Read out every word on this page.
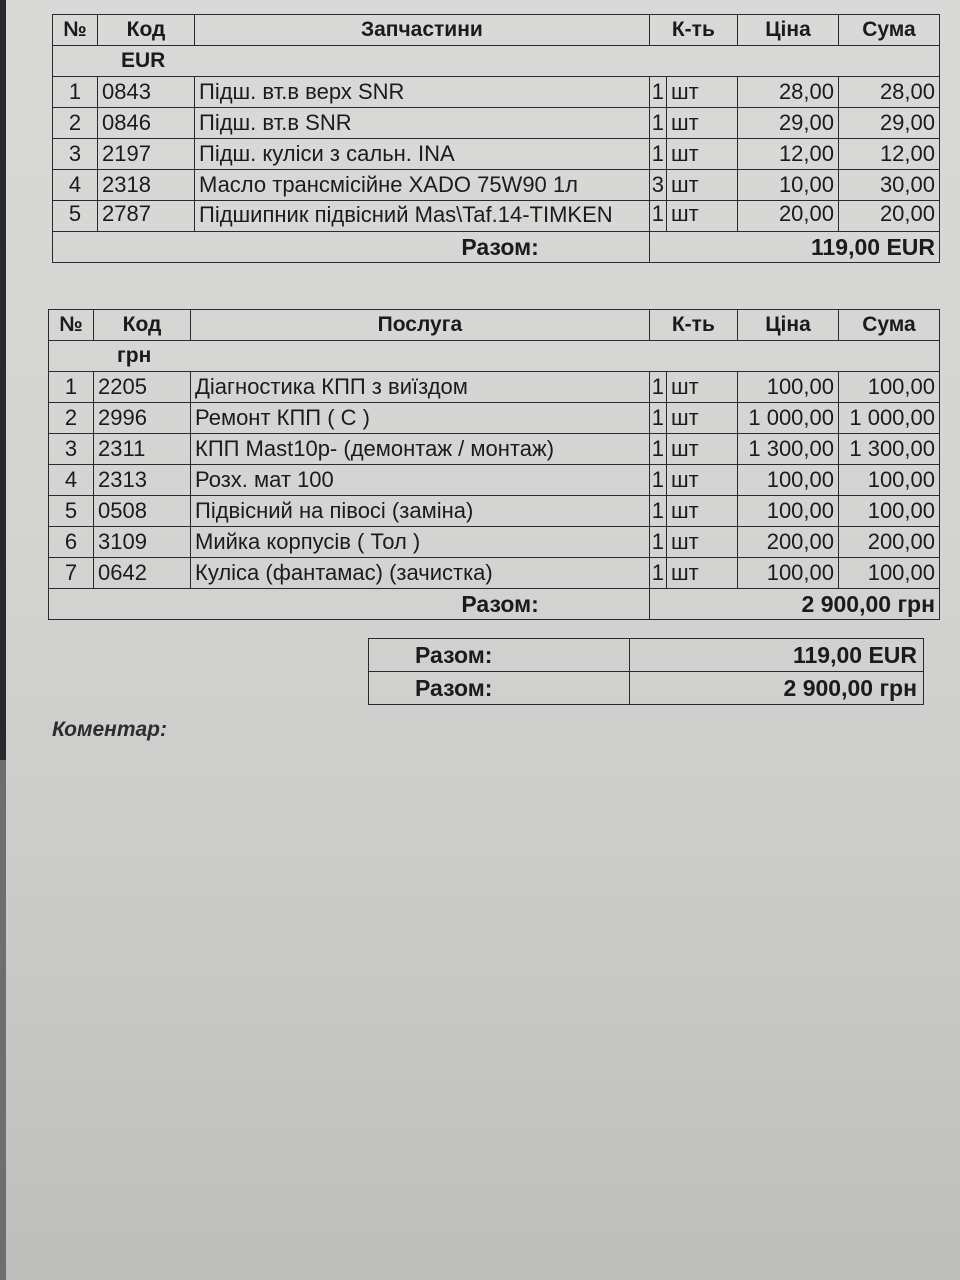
№	Код	Запчастини	К-ть		Ціна	Сума
EUR						
1	0843	Підш. вт.в верх SNR	1	шт	28,00	28,00
2	0846	Підш. вт.в SNR	1	шт	29,00	29,00
3	2197	Підш. куліси з сальн. INA	1	шт	12,00	12,00
4	2318	Масло трансмісійне XADO 75W90 1л	3	шт	10,00	30,00
5	2787	Підшипник підвісний Mas\Taf.14-TIMKEN	1	шт	20,00	20,00
Разом:			119,00 EUR			
№	Код	Послуга	К-ть		Ціна	Сума
грн						
1	2205	Діагностика КПП з виїздом	1	шт	100,00	100,00
2	2996	Ремонт КПП ( С )	1	шт	1 000,00	1 000,00
3	2311	КПП Mast10р- (демонтаж / монтаж)	1	шт	1 300,00	1 300,00
4	2313	Розх. мат 100	1	шт	100,00	100,00
5	0508	Підвісний на півосі (заміна)	1	шт	100,00	100,00
6	3109	Мийка корпусів ( Тол )	1	шт	200,00	200,00
7	0642	Куліса (фантамас) (зачистка)	1	шт	100,00	100,00
Разом:			2 900,00 грн			
Разом:	119,00 EUR
Разом:	2 900,00 грн
Коментар:
